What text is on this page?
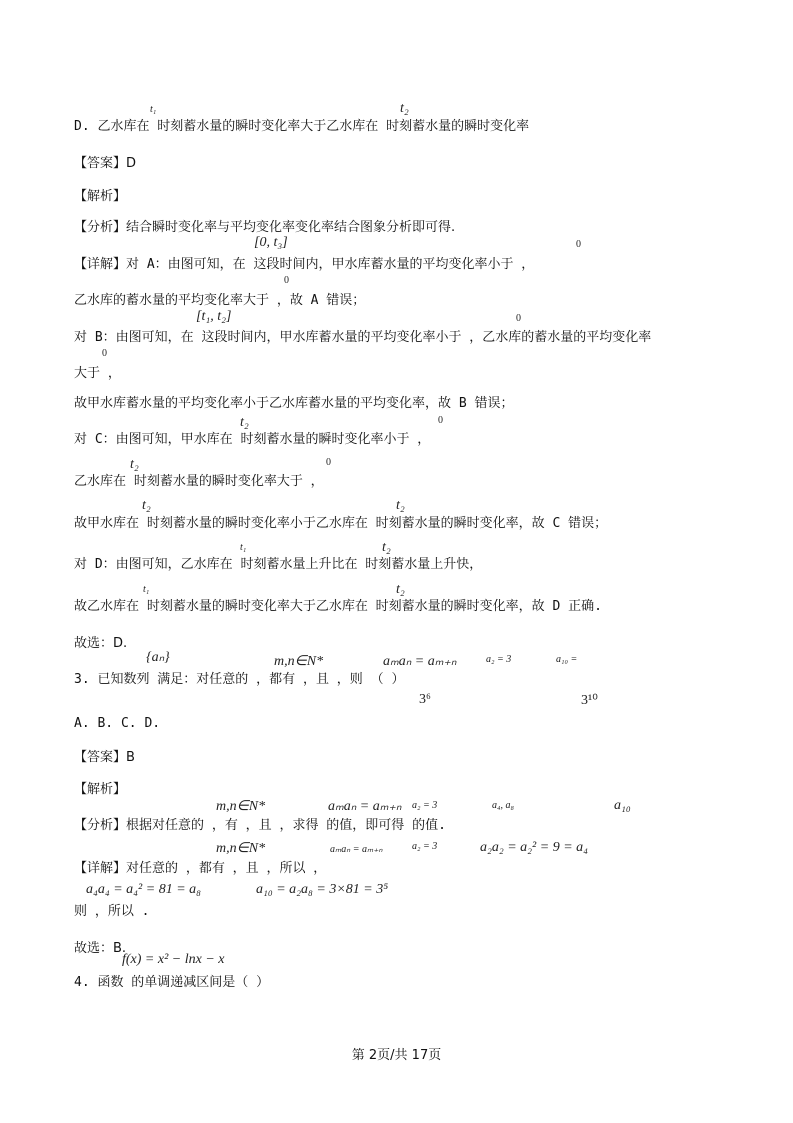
D. 乙水库在 时刻蓄水量的瞬时变化率大于乙水库在 时刻蓄水量的瞬时变化率
【答案】D
【解析】
【分析】结合瞬时变化率与平均变化率变化率结合图象分析即可得.
【详解】对 A：由图可知，在 这段时间内，甲水库蓄水量的平均变化率小于 ，
乙水库的蓄水量的平均变化率大于 ，故 A 错误；
对 B：由图可知，在 这段时间内，甲水库蓄水量的平均变化率小于 ，乙水库的蓄水量的平均变化率
大于 ，
故甲水库蓄水量的平均变化率小于乙水库蓄水量的平均变化率，故 B 错误；
对 C：由图可知，甲水库在 时刻蓄水量的瞬时变化率小于 ，
乙水库在 时刻蓄水量的瞬时变化率大于 ，
故甲水库在 时刻蓄水量的瞬时变化率小于乙水库在 时刻蓄水量的瞬时变化率，故 C 错误；
对 D：由图可知，乙水库在 时刻蓄水量上升比在 时刻蓄水量上升快，
故乙水库在 时刻蓄水量的瞬时变化率大于乙水库在 时刻蓄水量的瞬时变化率，故 D 正确.
故选：D.
3. 已知数列 满足：对任意的 ，都有 ，且 ，则 （ ）
A. B. C. D.
【答案】B
【解析】
【分析】根据对任意的 ，有 ，且 ，求得 的值，即可得 的值.
【详解】对任意的 ，都有 ，且 ，所以 ，
则 ，所以 .
故选：B.
4. 函数 的单调递减区间是（ ）
t₁	t₂
[0, t₃]	0
0
[t₁, t₂]	0
0
t₂	0
t₂	0
t₂	t₂
t₁	t₂
t₁	t₂
{aₙ}	m,n∈N*	aₘaₙ = aₘ₊ₙ	a₂ = 3	a₁₀ =
3⁶	3¹⁰
m,n∈N*	aₘaₙ = aₘ₊ₙ a₂ = 3	a₄, a₈	a₁₀
m,n∈N*	aₘaₙ = aₘ₊ₙ	a₂ = 3	a₂a₂ = a₂² = 9 = a₄
a₄a₄ = a₄² = 81 = a₈	a₁₀ = a₂a₈ = 3×81 = 3⁵
f(x) = x² − lnx − x
第 2页/共 17页
